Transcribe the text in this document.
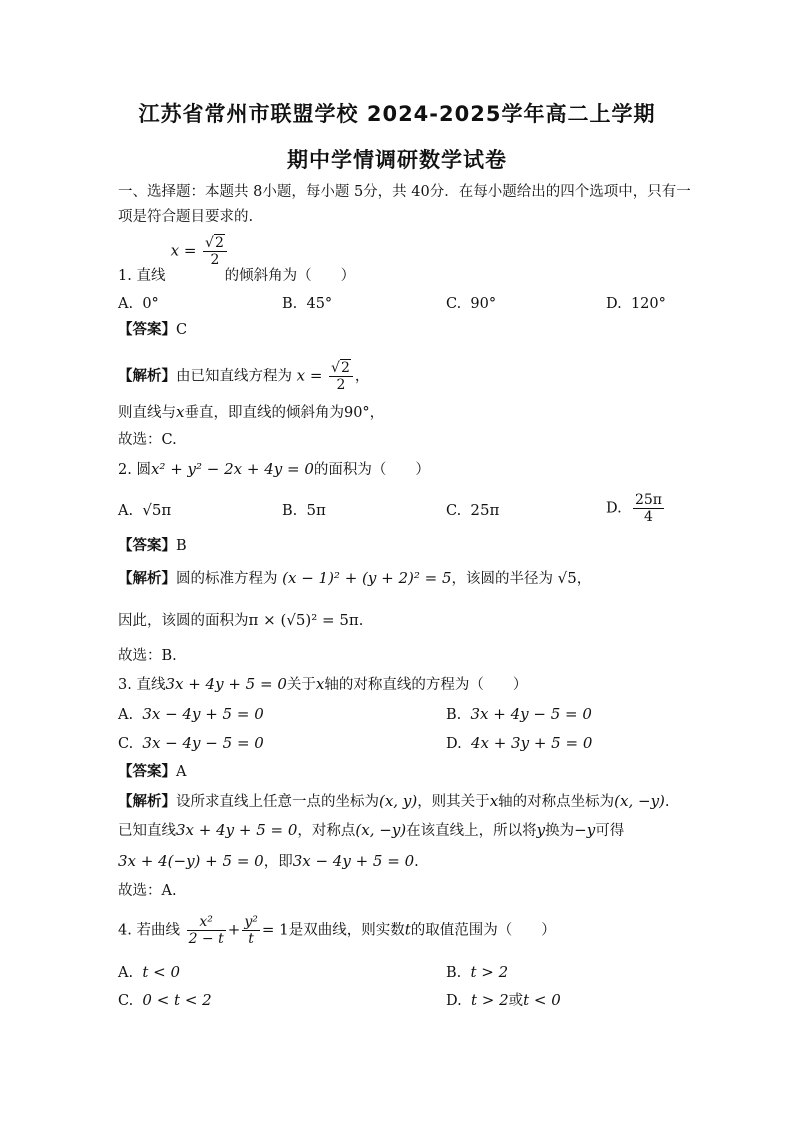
江苏省常州市联盟学校 2024-2025学年高二上学期
期中学情调研数学试卷
一、选择题：本题共 8小题，每小题 5分，共 40分．在每小题给出的四个选项中，只有一
项是符合题目要求的.
$x = \frac{√2}{2}$
1. 直线	的倾斜角为（　　）
A. 0°	B. 45°	C. 90°	D. 120°
【答案】C
【解析】由已知直线方程为 $x = \frac{√2}{2}$ ，
则直线与x垂直，即直线的倾斜角为90°，
故选：C.
2. 圆x² + y² − 2x + 4y = 0的面积为（　　）
A. √5π	B. 5π	C. 25π	D. $\frac{25\pi}{4}$
【答案】B
【解析】圆的标准方程为 (x − 1)² + (y + 2)² = 5，该圆的半径为 √5，
因此，该圆的面积为π × (√5)² = 5π.
故选：B.
3. 直线3x + 4y + 5 = 0关于x轴的对称直线的方程为（　　）
A. 3x − 4y + 5 = 0	B. 3x + 4y − 5 = 0
C. 3x − 4y − 5 = 0	D. 4x + 3y + 5 = 0
【答案】A
【解析】设所求直线上任意一点的坐标为(x, y)，则其关于x轴的对称点坐标为(x, −y).
已知直线3x + 4y + 5 = 0，对称点(x, −y)在该直线上，所以将y换为−y可得
3x + 4(−y) + 5 = 0，即3x − 4y + 5 = 0.
故选：A.
4. 若曲线 $\frac{\text{x²}}{2 - t} + \frac{\text{y²}}{t} = 1$是双曲线，则实数t的取值范围为（　　）
A. t < 0	B. t > 2
C. 0 < t < 2	D. t > 2或t < 0
